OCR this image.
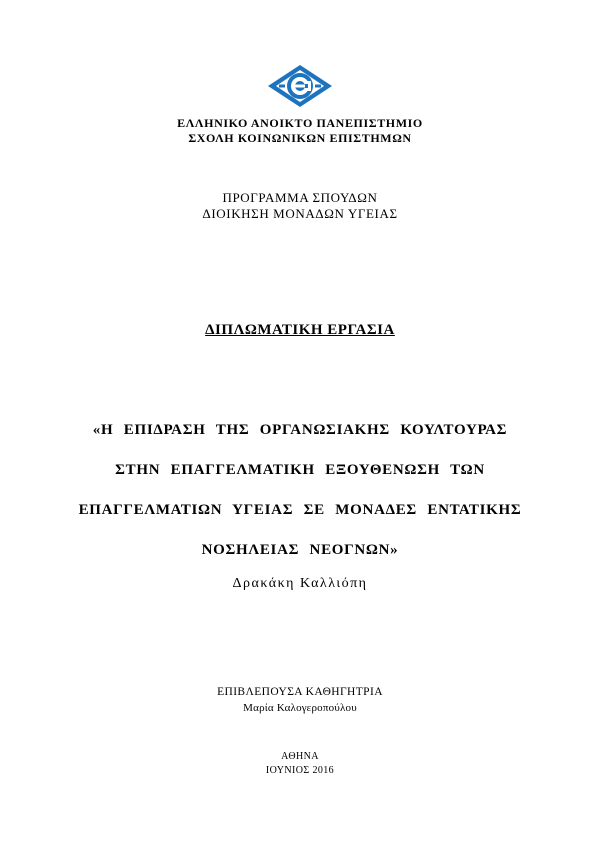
ΕΛΛΗΝΙΚΟ ΑΝΟΙΚΤΟ ΠΑΝΕΠΙΣΤΗΜΙΟ
ΣΧΟΛΗ ΚΟΙΝΩΝΙΚΩΝ ΕΠΙΣΤΗΜΩΝ
ΠΡΟΓΡΑΜΜΑ ΣΠΟΥΔΩΝ
ΔΙΟΙΚΗΣΗ ΜΟΝΑΔΩΝ ΥΓΕΙΑΣ
ΔΙΠΛΩΜΑΤΙΚΗ ΕΡΓΑΣΙΑ
«Η ΕΠΙΔΡΑΣΗ ΤΗΣ ΟΡΓΑΝΩΣΙΑΚΗΣ ΚΟΥΛΤΟΥΡΑΣ
ΣΤΗΝ ΕΠΑΓΓΕΛΜΑΤΙΚΗ ΕΞΟΥΘΕΝΩΣΗ ΤΩΝ
ΕΠΑΓΓΕΛΜΑΤΙΩΝ ΥΓΕΙΑΣ ΣΕ ΜΟΝΑΔΕΣ ΕΝΤΑΤΙΚΗΣ
ΝΟΣΗΛΕΙΑΣ ΝΕΟΓΝΩΝ»
Δρακάκη Καλλιόπη
ΕΠΙΒΛΕΠΟΥΣΑ ΚΑΘΗΓΗΤΡΙΑ
Μαρία Καλογεροπούλου
ΑΘΗΝΑ
ΙΟΥΝΙΟΣ 2016
